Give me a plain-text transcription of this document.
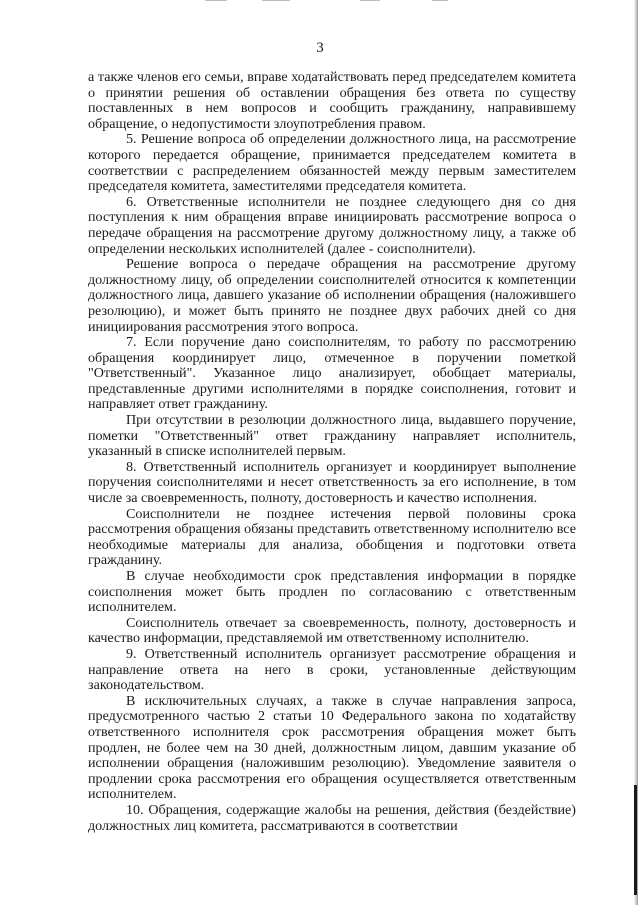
3

а также членов его семьи, вправе ходатайствовать перед председателем комитета о принятии решения об оставлении обращения без ответа по существу поставленных в нем вопросов и сообщить гражданину, направившему обращение, о недопустимости злоупотребления правом.

5. Решение вопроса об определении должностного лица, на рассмотрение которого передается обращение, принимается председателем комитета в соответствии с распределением обязанностей между первым заместителем председателя комитета, заместителями председателя комитета.

6. Ответственные исполнители не позднее следующего дня со дня поступления к ним обращения вправе инициировать рассмотрение вопроса о передаче обращения на рассмотрение другому должностному лицу, а также об определении нескольких исполнителей (далее - соисполнители).

Решение вопроса о передаче обращения на рассмотрение другому должностному лицу, об определении соисполнителей относится к компетенции должностного лица, давшего указание об исполнении обращения (наложившего резолюцию), и может быть принято не позднее двух рабочих дней со дня инициирования рассмотрения этого вопроса.

7. Если поручение дано соисполнителям, то работу по рассмотрению обращения координирует лицо, отмеченное в поручении пометкой "Ответственный". Указанное лицо анализирует, обобщает материалы, представленные другими исполнителями в порядке соисполнения, готовит и направляет ответ гражданину.

При отсутствии в резолюции должностного лица, выдавшего поручение, пометки "Ответственный" ответ гражданину направляет исполнитель, указанный в списке исполнителей первым.

8. Ответственный исполнитель организует и координирует выполнение поручения соисполнителями и несет ответственность за его исполнение, в том числе за своевременность, полноту, достоверность и качество исполнения.

Соисполнители не позднее истечения первой половины срока рассмотрения обращения обязаны представить ответственному исполнителю все необходимые материалы для анализа, обобщения и подготовки ответа гражданину.

В случае необходимости срок представления информации в порядке соисполнения может быть продлен по согласованию с ответственным исполнителем.

Соисполнитель отвечает за своевременность, полноту, достоверность и качество информации, представляемой им ответственному исполнителю.

9. Ответственный исполнитель организует рассмотрение обращения и направление ответа на него в сроки, установленные действующим законодательством.

В исключительных случаях, а также в случае направления запроса, предусмотренного частью 2 статьи 10 Федерального закона по ходатайству ответственного исполнителя срок рассмотрения обращения может быть продлен, не более чем на 30 дней, должностным лицом, давшим указание об исполнении обращения (наложившим резолюцию). Уведомление заявителя о продлении срока рассмотрения его обращения осуществляется ответственным исполнителем.

10. Обращения, содержащие жалобы на решения, действия (бездействие) должностных лиц комитета, рассматриваются в соответствии
